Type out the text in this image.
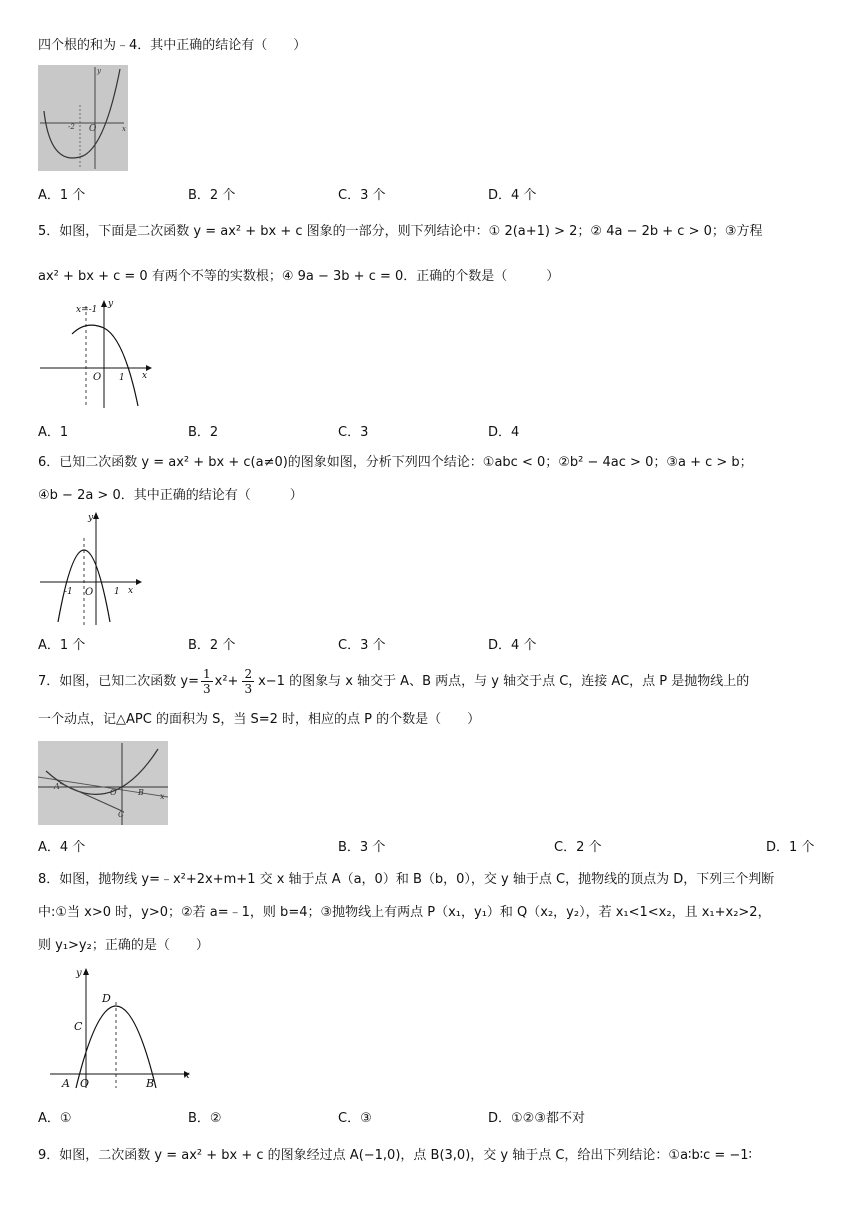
四个根的和为﹣4．其中正确的结论有（　　）
-2 O	x
y
A．1 个	B．2 个	C．3 个	D．4 个
5．如图，下面是二次函数 y = ax² + bx + c 图象的一部分，则下列结论中：① 2(a+1) > 2；② 4a − 2b + c > 0；③方程
ax² + bx + c = 0 有两个不等的实数根；④ 9a − 3b + c = 0．正确的个数是（　　　）
x=-1
O 1 x
y
A．1	B．2	C．3	D．4
6．已知二次函数 y = ax² + bx + c(a≠0)的图象如图，分析下列四个结论：①abc < 0；②b² − 4ac > 0；③a + c > b；
④b − 2a > 0．其中正确的结论有（　　　）
-1 O 1 x
y
A．1 个	B．2 个	C．3 个	D．4 个
7．如图，已知二次函数 $y= \frac{1}{3} x^2+ \frac{2}{3} x-1$ 的图象与 x 轴交于 A、B 两点，与 y 轴交于点 C，连接 AC，点 P 是抛物线上的
一个动点，记△APC 的面积为 S，当 S=2 时，相应的点 P 的个数是（　　）
A
O	B
C
x
A．4 个	B．3 个	C．2 个	D．1 个
8．如图，抛物线 y=﹣x²+2x+m+1 交 x 轴于点 A（a，0）和 B（b，0），交 y 轴于点 C，抛物线的顶点为 D，下列三个判断
中:①当 x>0 时，y>0；②若 a=﹣1，则 b=4；③抛物线上有两点 P（x₁，y₁）和 Q（x₂，y₂），若 x₁<1<x₂，且 x₁+x₂>2，
则 y₁>y₂；正确的是（　　）
y
D
C
A O	B
x
A．①	B．②	C．③	D．①②③都不对
9．如图，二次函数 y = ax² + bx + c 的图象经过点 A(−1,0)，点 B(3,0)，交 y 轴于点 C，给出下列结论：①a∶b∶c = −1∶
